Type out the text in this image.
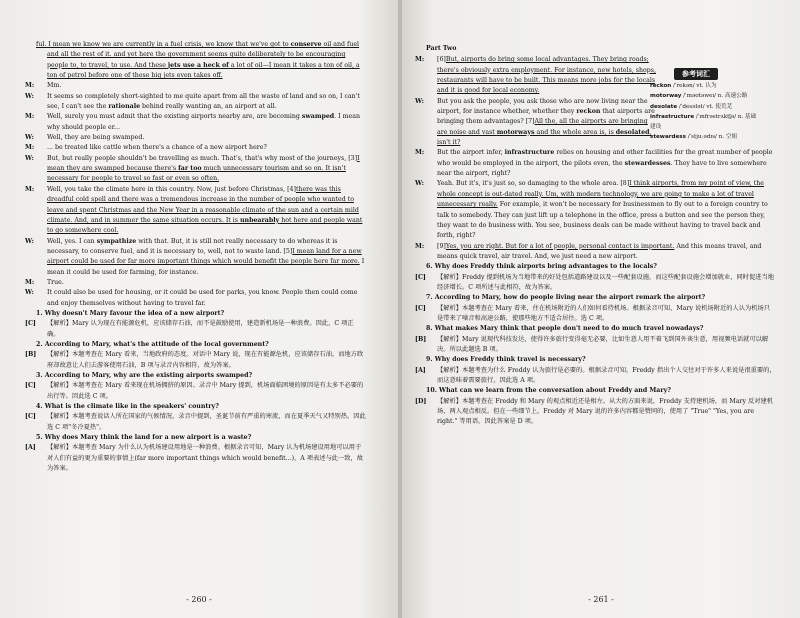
ful. I mean we know we are currently in a fuel crisis, we know that we've got to conserve oil and fuel and all the rest of it. and yet here the government seems quite deliberately to be encouraging people to, to travel, to use. And these jets use a heck of a lot of oil—I mean it takes a ton of oil, a ton of petrol before one of these big jets even takes off.

M: Mm.

W: It seems so completely short-sighted to me quite apart from all the waste of land and so on, I can't see, I can't see the rationale behind really wanting an, an airport at all.

M: Well, surely you must admit that the existing airports nearby are, are becoming swamped. I mean why should people er...

W: Well, they are being swamped.

M: ... be treated like cattle when there's a chance of a new airport here?

W: But, but really people shouldn't be travelling as much. That's, that's why most of the journeys, [3]I mean they are swamped because there's far too much unnecessary tourism and so on. It isn't necessary for people to travel so fast or even so often.

M: Well, you take the climate here in this country. Now, just before Christmas, [4]there was this dreadful cold spell and there was a tremendous increase in the number of people who wanted to leave and spent Christmas and the New Year in a reasonable climate of the sun and a certain mild climate. And, and in summer the same situation occurs. It is unbearably hot here and people want to go somewhere cool.

W: Well, yes. I can sympathize with that. But, it is still not really necessary to do whereas it is necessary, to conserve fuel, and it is necessary to, well, not to waste land. [5]I mean land for a new airport could be used for far more important things which would benefit the people here far more. I mean it could be used for farming, for instance.

M: True.

W: It could also be used for housing, or it could be used for parks, you know. People then could come and enjoy themselves without having to travel far.

1. Why doesn't Mary favour the idea of a new airport?

[C] 【解析】Mary 认为现在有能源危机，应该储存石油，而不是鼓励使用，建造新机场是一种浪费。因此，C 项正确。

2. According to Mary, what's the attitude of the local government?

[B] 【解析】本题考查在 Mary 看来，当地政府的态度。对话中 Mary 说，现在有能源危机，应该储存石油，而地方政府却故意让人们去游客使用石油，B 项与录音内容相符，故为答案。

3. According to Mary, why are the existing airports swamped?

[C] 【解析】本题考查在 Mary 看来现在机场拥挤的原因。录音中 Mary 提到，机场面临困境的原因是有太多不必要的出行等。因此选 C 项。

4. What is the climate like in the speakers' country?

[C] 【解析】本题考查说话人所在国家的气候情况。录音中提到，圣诞节前有严重的寒流，而在夏季天气又特别热。因此选 C 项"冬冷夏热"。

5. Why does Mary think the land for a new airport is a waste?

[A] 【解析】本题考查 Mary 为什么认为机场建设用地是一种浪费。根据录音可知，Mary 认为机场建设用地可以用于对人们有益的更为重要的事情上(far more important things which would benefit...)，A 项表述与此一致，故为答案。

- 260 -

Part Two

M: [6]But, airports do bring some local advantages. They bring roads; there's obviously extra employment. For instance, new hotels, shops, restaurants will have to be built. This means more jobs for the locals and it is good for local economy.

W: But you ask the people, you ask those who are now living near the airport, for instance whether, whether they reckon that airports are bringing them advantages? [7]All the, all the airports are bringing are noise and vast motorways and the whole area is, is desolated, isn't it?

M: But the airport infer, infrastructure relies on housing and other facilities for the great number of people who would be employed in the airport, the pilots even, the stewardesses. They have to live somewhere near the airport, right?

W: Yeah. But it's, it's just so, so damaging to the whole area. [8]I think airports, from my point of view, the whole concept is out-dated really. Um, with modern technology, we are going to make a lot of travel unnecessary really. For example, it won't be necessary for businessmen to fly out to a foreign country to talk to somebody. They can just lift up a telephone in the office, press a button and see the person they, they want to do business with. You see, business deals can be made without having to travel back and forth, right?

M: [9]Yes, you are right. But for a lot of people, personal contact is important. And this means travel, and means quick travel, air travel. And, we just need a new airport.

6. Why does Freddy think airports bring advantages to the locals?

[C] 【解析】Freddy 提到机场为当地带来的好处包括道路建设以及一些配套设施，而这些配套设施会增加就业，同时促进当地经济增长。C 项所述与此相符，故为答案。

7. According to Mary, how do people living near the airport remark the airport?

[C] 【解析】本题考查在 Mary 看来，住在机场附近的人们如何看待机场。根据录音可知，Mary 说机场附近的人认为机场只是带来了噪音和高速公路，使那些地方不适合居住。选 C 项。

8. What makes Mary think that people don't need to do much travel nowadays?

[B] 【解析】Mary 说现代科技发达，使得许多旅行变得毫无必要，比如生意人用不着飞到国外谈生意，用视频电话就可以解决。所以此题选 B 项。

9. Why does Freddy think travel is necessary?

[A] 【解析】本题考查为什么 Freddy 认为旅行是必要的。根据录音可知，Freddy 指出个人交往对于许多人来说是很重要的，而这意味着需要旅行，因此选 A 项。

10. What can we learn from the conversation about Freddy and Mary?

[D] 【解析】本题考查在 Freddy 和 Mary 的观点相近还是相左。从大的方面来说，Freddy 支持建机场，而 Mary 反对建机场，两人观点相反。但在一些细节上，Freddy 对 Mary 说的许多内容都是赞同的，使用了 "True" "Yes, you are right." 等用语。因此答案是 D 项。

参考词汇
reckon /ˈrekən/ vt. 认为
motorway /ˈməʊtəweɪ/ n. 高速公路
desolate /ˈdesələt/ vt. 使荒芜
infrastructure /ˈɪnfrəstrʌktʃə/ n. 基础建设
stewardess /ˈstjuːədɪs/ n. 空姐
- 261 -
